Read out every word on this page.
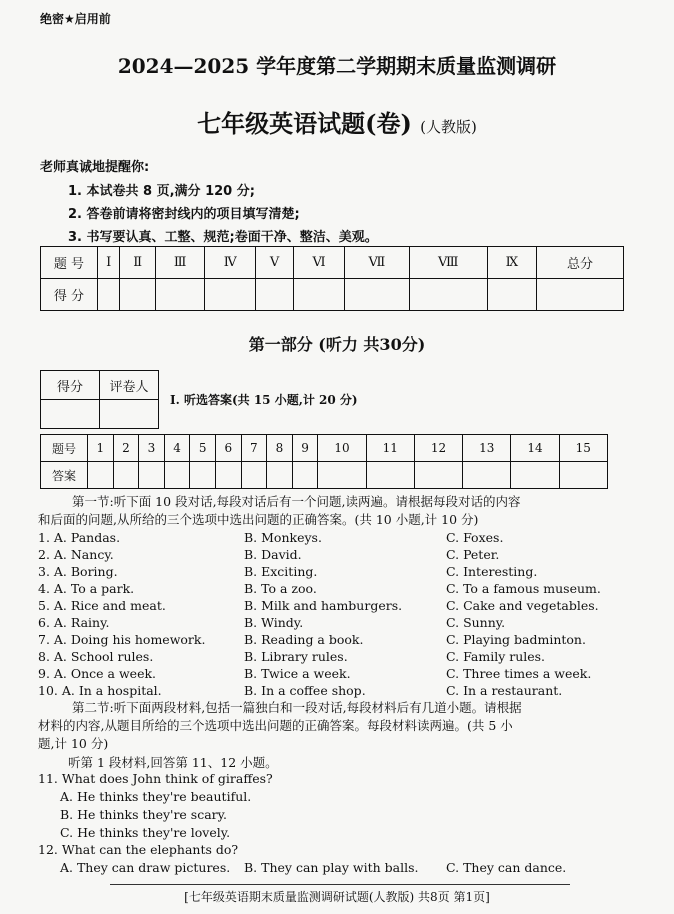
绝密★启用前
2024—2025 学年度第二学期期末质量监测调研
七年级英语试题(卷) (人教版)
老师真诚地提醒你:
1. 本试卷共 8 页,满分 120 分;
2. 答卷前请将密封线内的项目填写清楚;
3. 书写要认真、工整、规范;卷面干净、整洁、美观。
题 号	Ⅰ	Ⅱ	Ⅲ	Ⅳ	Ⅴ	Ⅵ	Ⅶ	Ⅷ	Ⅸ	总分
得 分										
第一部分 (听力 共30分)
得分	评卷人

Ⅰ. 听选答案(共 15 小题,计 20 分)
题号	1	2	3	4	5	6	7	8	9	10	11	12	13	14	15
答案															
第一节:听下面 10 段对话,每段对话后有一个问题,读两遍。请根据每段对话的内容
和后面的问题,从所给的三个选项中选出问题的正确答案。(共 10 小题,计 10 分)
1. A. Pandas.	B. Monkeys.	C. Foxes.
2. A. Nancy.	B. David.	C. Peter.
3. A. Boring.	B. Exciting.	C. Interesting.
4. A. To a park.	B. To a zoo.	C. To a famous museum.
5. A. Rice and meat.	B. Milk and hamburgers.	C. Cake and vegetables.
6. A. Rainy.	B. Windy.	C. Sunny.
7. A. Doing his homework.	B. Reading a book.	C. Playing badminton.
8. A. School rules.	B. Library rules.	C. Family rules.
9. A. Once a week.	B. Twice a week.	C. Three times a week.
10. A. In a hospital.	B. In a coffee shop.	C. In a restaurant.
第二节:听下面两段材料,包括一篇独白和一段对话,每段材料后有几道小题。请根据
材料的内容,从题目所给的三个选项中选出问题的正确答案。每段材料读两遍。(共 5 小
题,计 10 分)
听第 1 段材料,回答第 11、12 小题。
11. What does John think of giraffes?
A. He thinks they're beautiful.
B. He thinks they're scary.
C. He thinks they're lovely.
12. What can the elephants do?
A. They can draw pictures. B. They can play with balls. C. They can dance.
[七年级英语期末质量监测调研试题(人教版) 共8页 第1页]
